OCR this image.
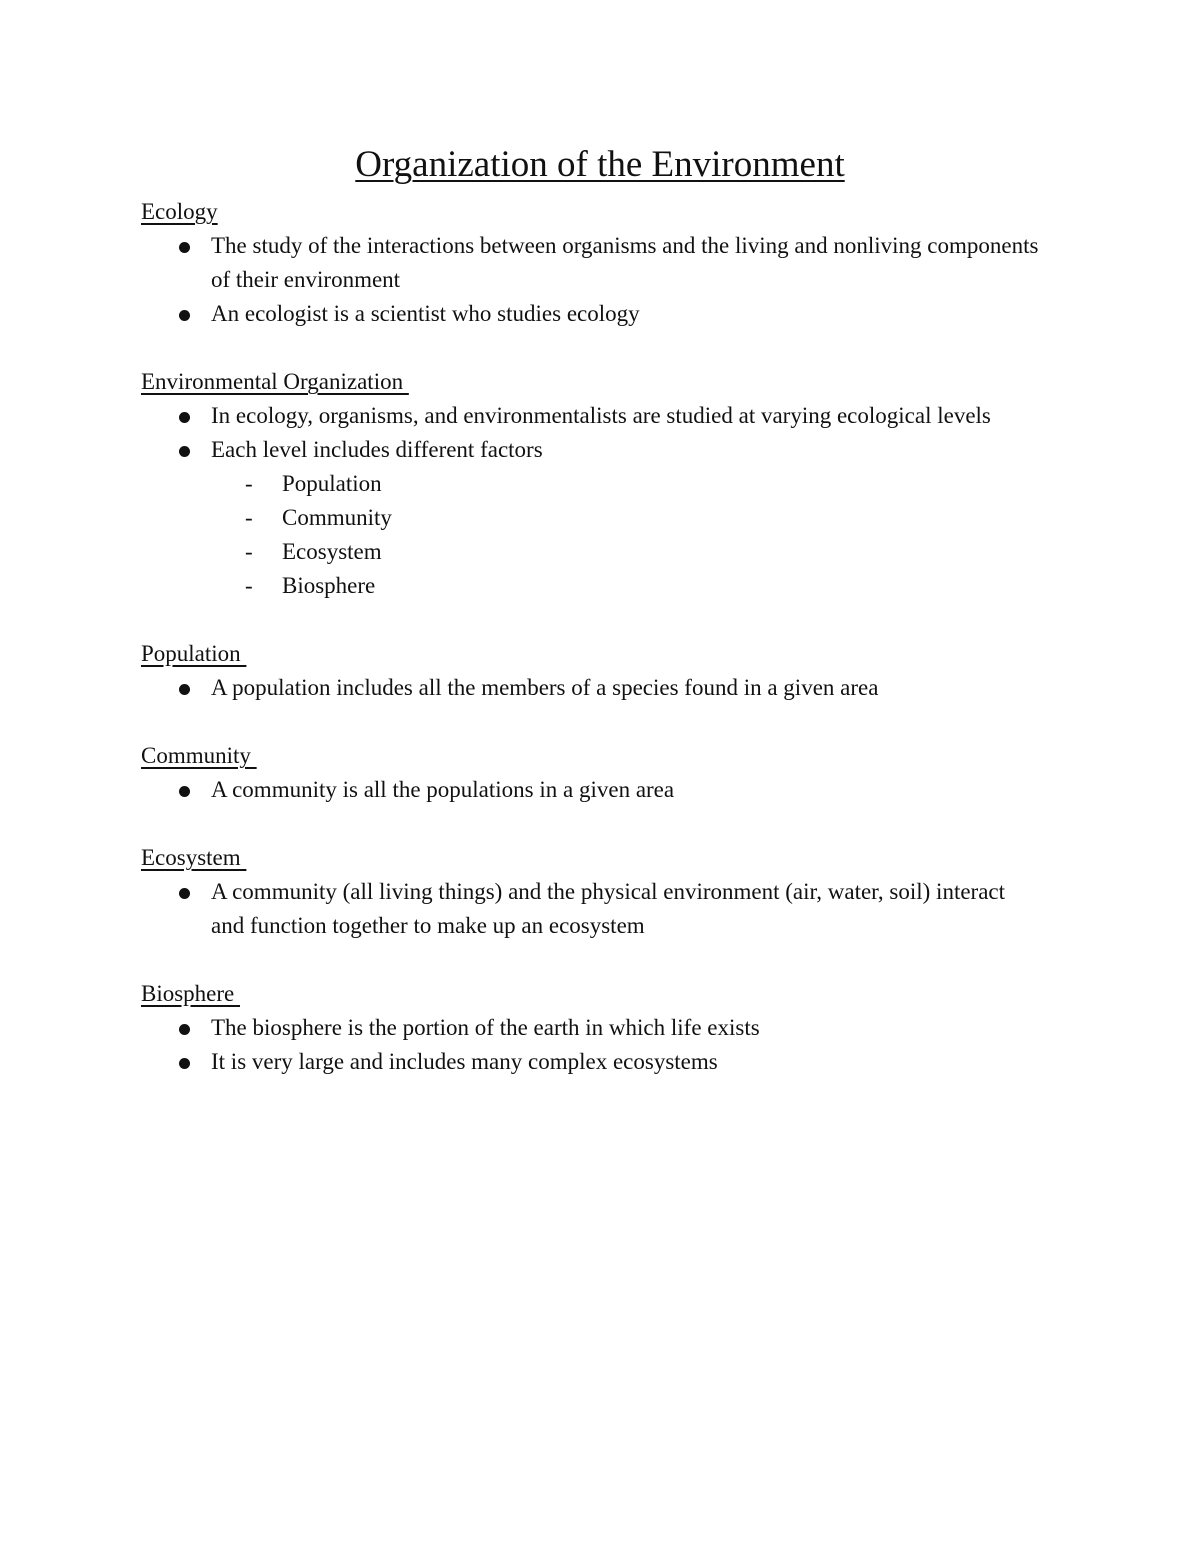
Organization of the Environment
Ecology
The study of the interactions between organisms and the living and nonliving components of their environment
An ecologist is a scientist who studies ecology
Environmental Organization
In ecology, organisms, and environmentalists are studied at varying ecological levels
Each level includes different factors
- Population
- Community
- Ecosystem
- Biosphere
Population
A population includes all the members of a species found in a given area
Community
A community is all the populations in a given area
Ecosystem
A community (all living things) and the physical environment (air, water, soil) interact and function together to make up an ecosystem
Biosphere
The biosphere is the portion of the earth in which life exists
It is very large and includes many complex ecosystems
